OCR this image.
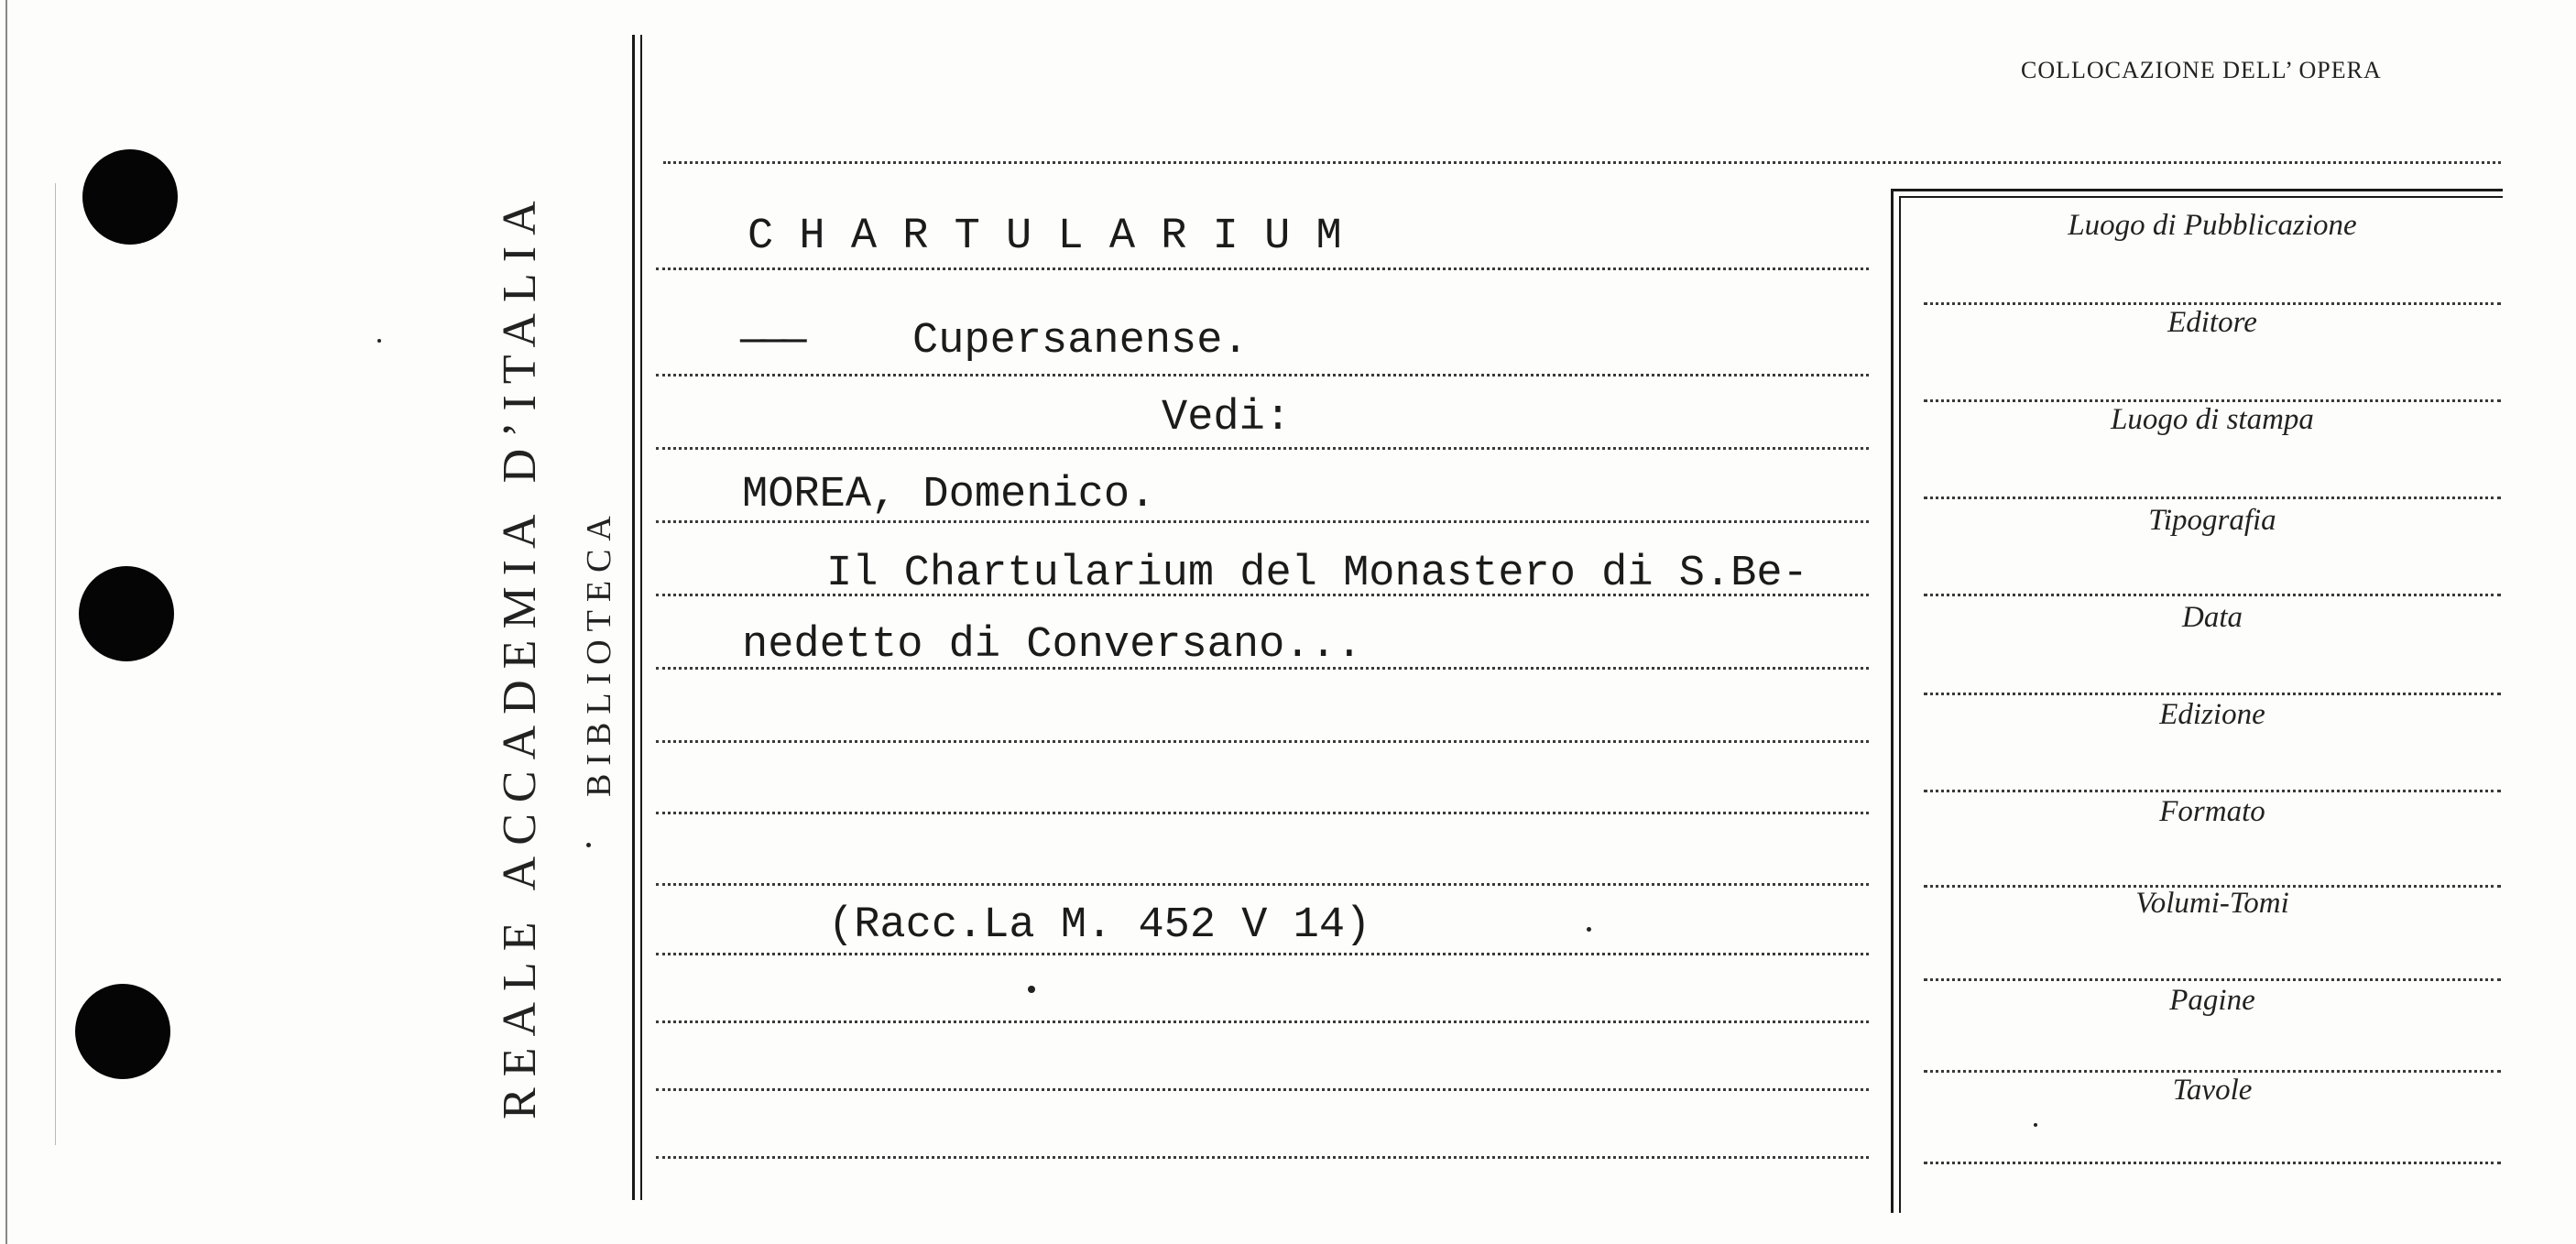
REALE ACCADEMIA D’ITALIA BIBLIOTECA
COLLOCAZIONE DELL’ OPERA
Luogo di Pubblicazione
Editore
Luogo di stampa
Tipografia
Data
Edizione
Formato
Volumi-Tomi
Pagine
Tavole
C H A R T U L A R I U M
———	Cupersanense.
Vedi:
MOREA, Domenico.
Il Chartularium del Monastero di S.Be-
nedetto di Conversano...
(Racc.La M. 452 V 14)
